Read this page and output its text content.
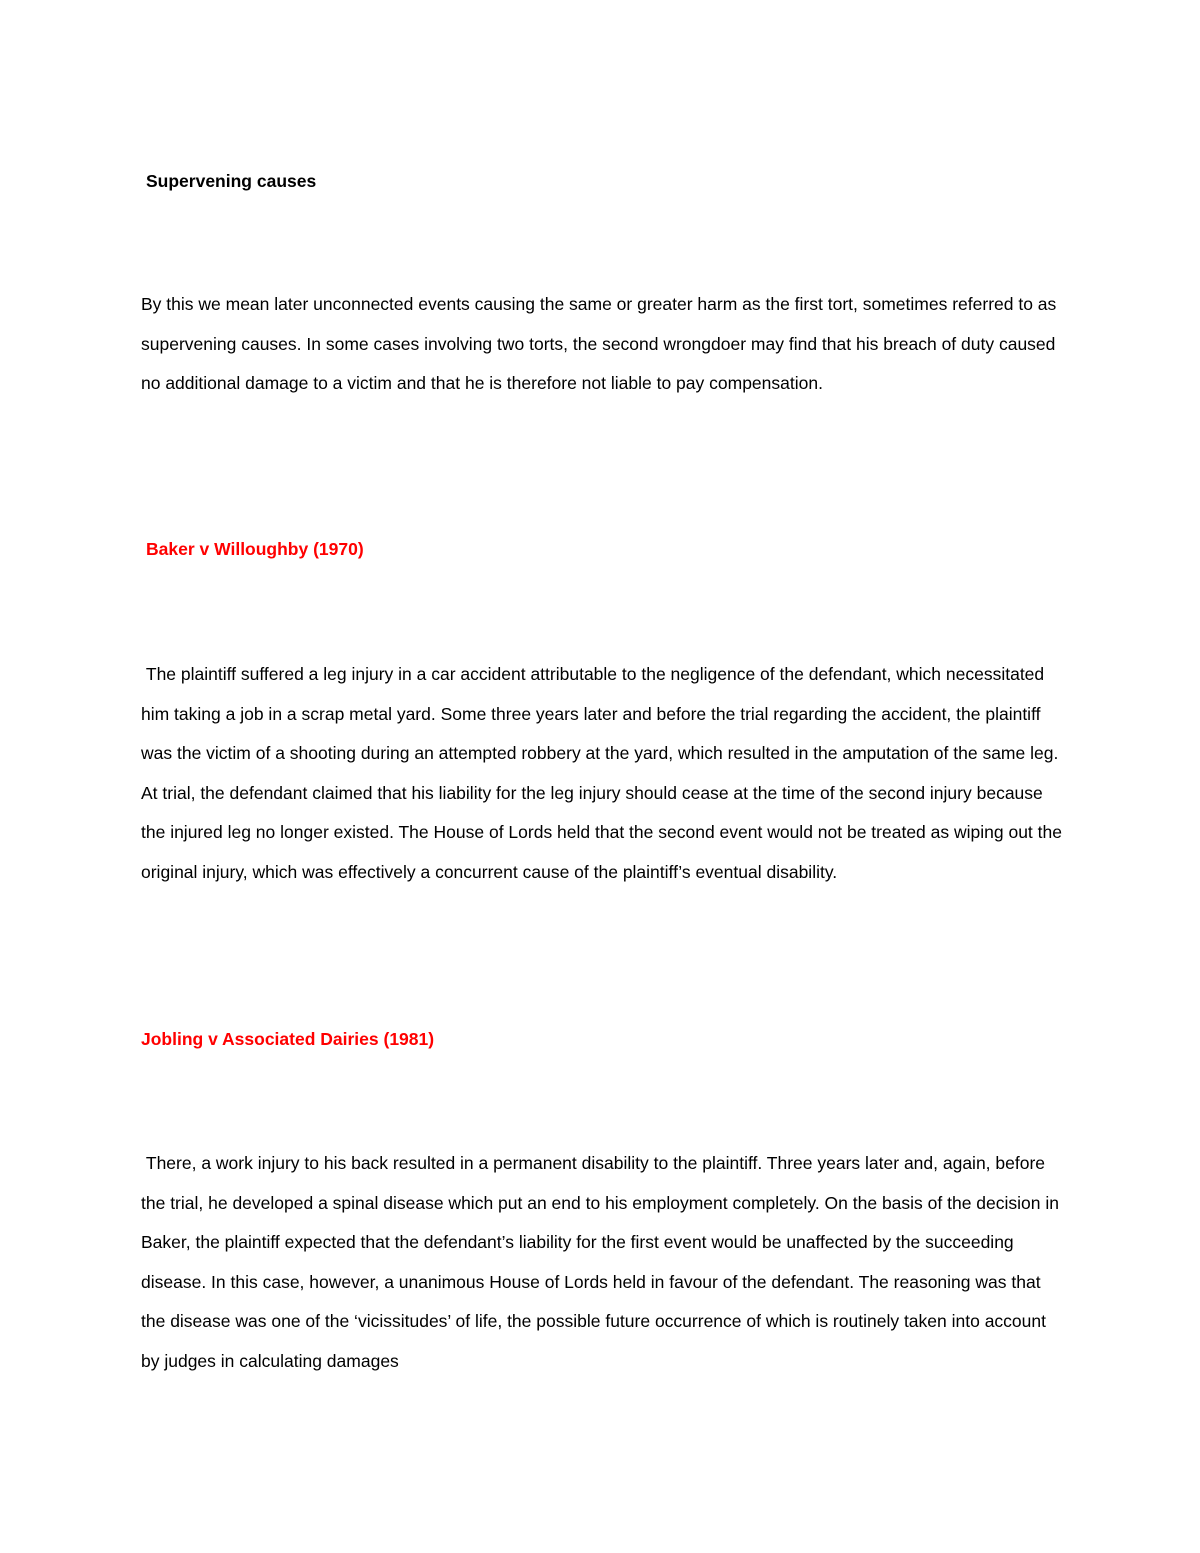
Supervening causes
By this we mean later unconnected events causing the same or greater harm as the first tort, sometimes referred to as supervening causes. In some cases involving two torts, the second wrongdoer may find that his breach of duty caused no additional damage to a victim and that he is therefore not liable to pay compensation.
Baker v Willoughby (1970)
The plaintiff suffered a leg injury in a car accident attributable to the negligence of the defendant, which necessitated him taking a job in a scrap metal yard. Some three years later and before the trial regarding the accident, the plaintiff was the victim of a shooting during an attempted robbery at the yard, which resulted in the amputation of the same leg. At trial, the defendant claimed that his liability for the leg injury should cease at the time of the second injury because the injured leg no longer existed. The House of Lords held that the second event would not be treated as wiping out the original injury, which was effectively a concurrent cause of the plaintiff’s eventual disability.
Jobling v Associated Dairies (1981)
There, a work injury to his back resulted in a permanent disability to the plaintiff. Three years later and, again, before the trial, he developed a spinal disease which put an end to his employment completely. On the basis of the decision in Baker, the plaintiff expected that the defendant’s liability for the first event would be unaffected by the succeeding disease. In this case, however, a unanimous House of Lords held in favour of the defendant. The reasoning was that the disease was one of the ‘vicissitudes’ of life, the possible future occurrence of which is routinely taken into account by judges in calculating damages
